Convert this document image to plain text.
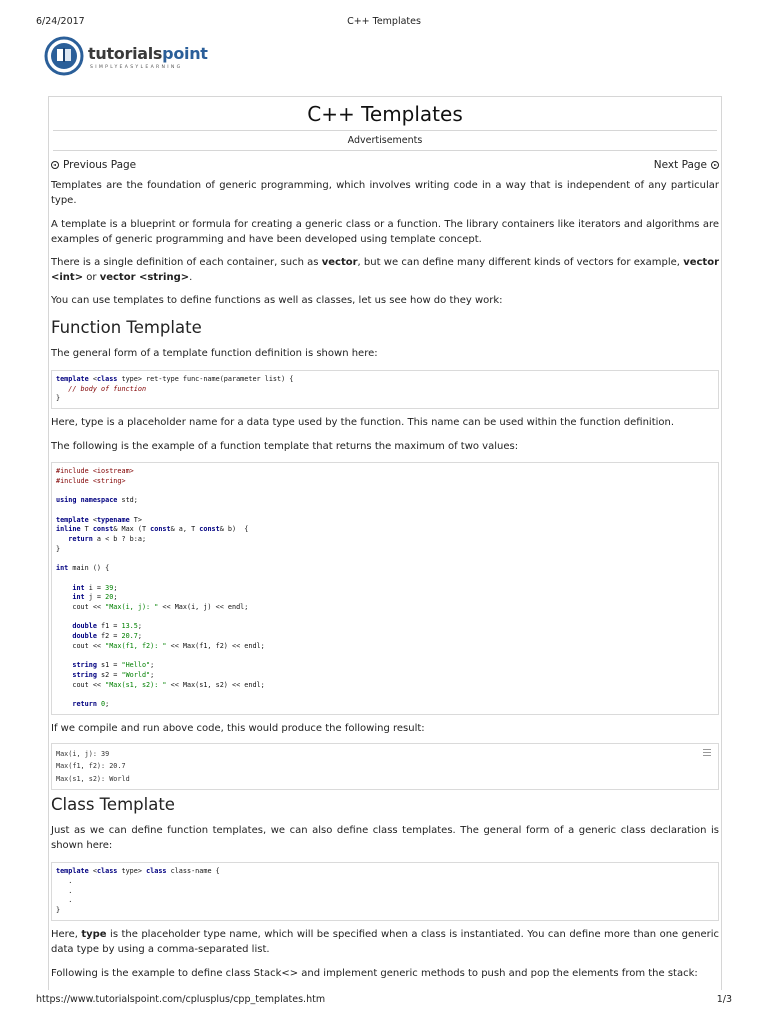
6/24/2017	C++ Templates
tutorialspoint
SIMPLYEASYLEARNING
C++ Templates
Advertisements
Previous Page	Next Page

Templates are the foundation of generic programming, which involves writing code in a way that is independent of any particular type.

A template is a blueprint or formula for creating a generic class or a function. The library containers like iterators and algorithms are examples of generic programming and have been developed using template concept.

There is a single definition of each container, such as vector, but we can define many different kinds of vectors for example, vector <int> or vector <string>.

You can use templates to define functions as well as classes, let us see how do they work:

Function Template

The general form of a template function definition is shown here:

template <class type> ret-type func-name(parameter list) {
// body of function
}

Here, type is a placeholder name for a data type used by the function. This name can be used within the function definition.

The following is the example of a function template that returns the maximum of two values:

#include <iostream>
#include <string>

using namespace std;

template <typename T>
inline T const& Max (T const& a, T const& b)  {
return a < b ? b:a;
}

int main () {

int i = 39;
int j = 20;
cout << "Max(i, j): " << Max(i, j) << endl;

double f1 = 13.5;
double f2 = 20.7;
cout << "Max(f1, f2): " << Max(f1, f2) << endl;

string s1 = "Hello";
string s2 = "World";
cout << "Max(s1, s2): " << Max(s1, s2) << endl;

return 0;

If we compile and run above code, this would produce the following result:

Max(i, j): 39
Max(f1, f2): 20.7
Max(s1, s2): World
Class Template

Just as we can define function templates, we can also define class templates. The general form of a generic class declaration is shown here:

template <class type> class class-name {
.
.
.
}

Here, type is the placeholder type name, which will be specified when a class is instantiated. You can define more than one generic data type by using a comma-separated list.

Following is the example to define class Stack<> and implement generic methods to push and pop the elements from the stack:

https://www.tutorialspoint.com/cplusplus/cpp_templates.htm	1/3
